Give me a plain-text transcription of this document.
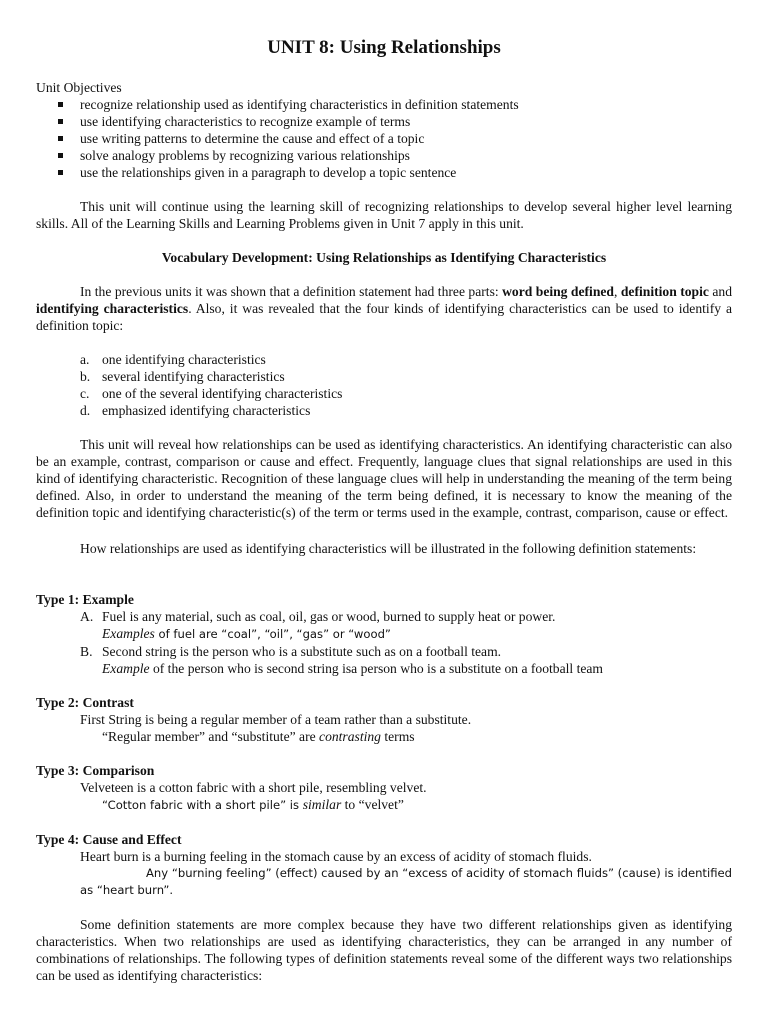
UNIT 8: Using Relationships
Unit Objectives
recognize relationship used as identifying characteristics in definition statements
use identifying characteristics to recognize example of terms
use writing patterns to determine the cause and effect of a topic
solve analogy problems by recognizing various relationships
use the relationships given in a paragraph to develop a topic sentence
This unit will continue using the learning skill of recognizing relationships to develop several higher level learning skills. All of the Learning Skills and Learning Problems given in Unit 7 apply in this unit.
Vocabulary Development: Using Relationships as Identifying Characteristics
In the previous units it was shown that a definition statement had three parts: word being defined, definition topic and identifying characteristics. Also, it was revealed that the four kinds of identifying characteristics can be used to identify a definition topic:
a. one identifying characteristics
b. several identifying characteristics
c. one of the several identifying characteristics
d. emphasized identifying characteristics
This unit will reveal how relationships can be used as identifying characteristics. An identifying characteristic can also be an example, contrast, comparison or cause and effect. Frequently, language clues that signal relationships are used in this kind of identifying characteristic. Recognition of these language clues will help in understanding the meaning of the term being defined. Also, in order to understand the meaning of the term being defined, it is necessary to know the meaning of the definition topic and identifying characteristic(s) of the term or terms used in the example, contrast, comparison, cause or effect.
How relationships are used as identifying characteristics will be illustrated in the following definition statements:
Type 1: Example
A. Fuel is any material, such as coal, oil, gas or wood, burned to supply heat or power.
Examples of fuel are “coal”, “oil”, “gas” or “wood”
B. Second string is the person who is a substitute such as on a football team.
Example of the person who is second string isa person who is a substitute on a football team
Type 2: Contrast
First String is being a regular member of a team rather than a substitute.
“Regular member” and “substitute” are contrasting terms
Type 3: Comparison
Velveteen is a cotton fabric with a short pile, resembling velvet.
“Cotton fabric with a short pile” is similar to “velvet”
Type 4: Cause and Effect
Heart burn is a burning feeling in the stomach cause by an excess of acidity of stomach fluids.
Any “burning feeling” (effect) caused by an “excess of acidity of stomach fluids” (cause) is identified as “heart burn”.
Some definition statements are more complex because they have two different relationships given as identifying characteristics. When two relationships are used as identifying characteristics, they can be arranged in any number of combinations of relationships. The following types of definition statements reveal some of the different ways two relationships can be used as identifying characteristics:
